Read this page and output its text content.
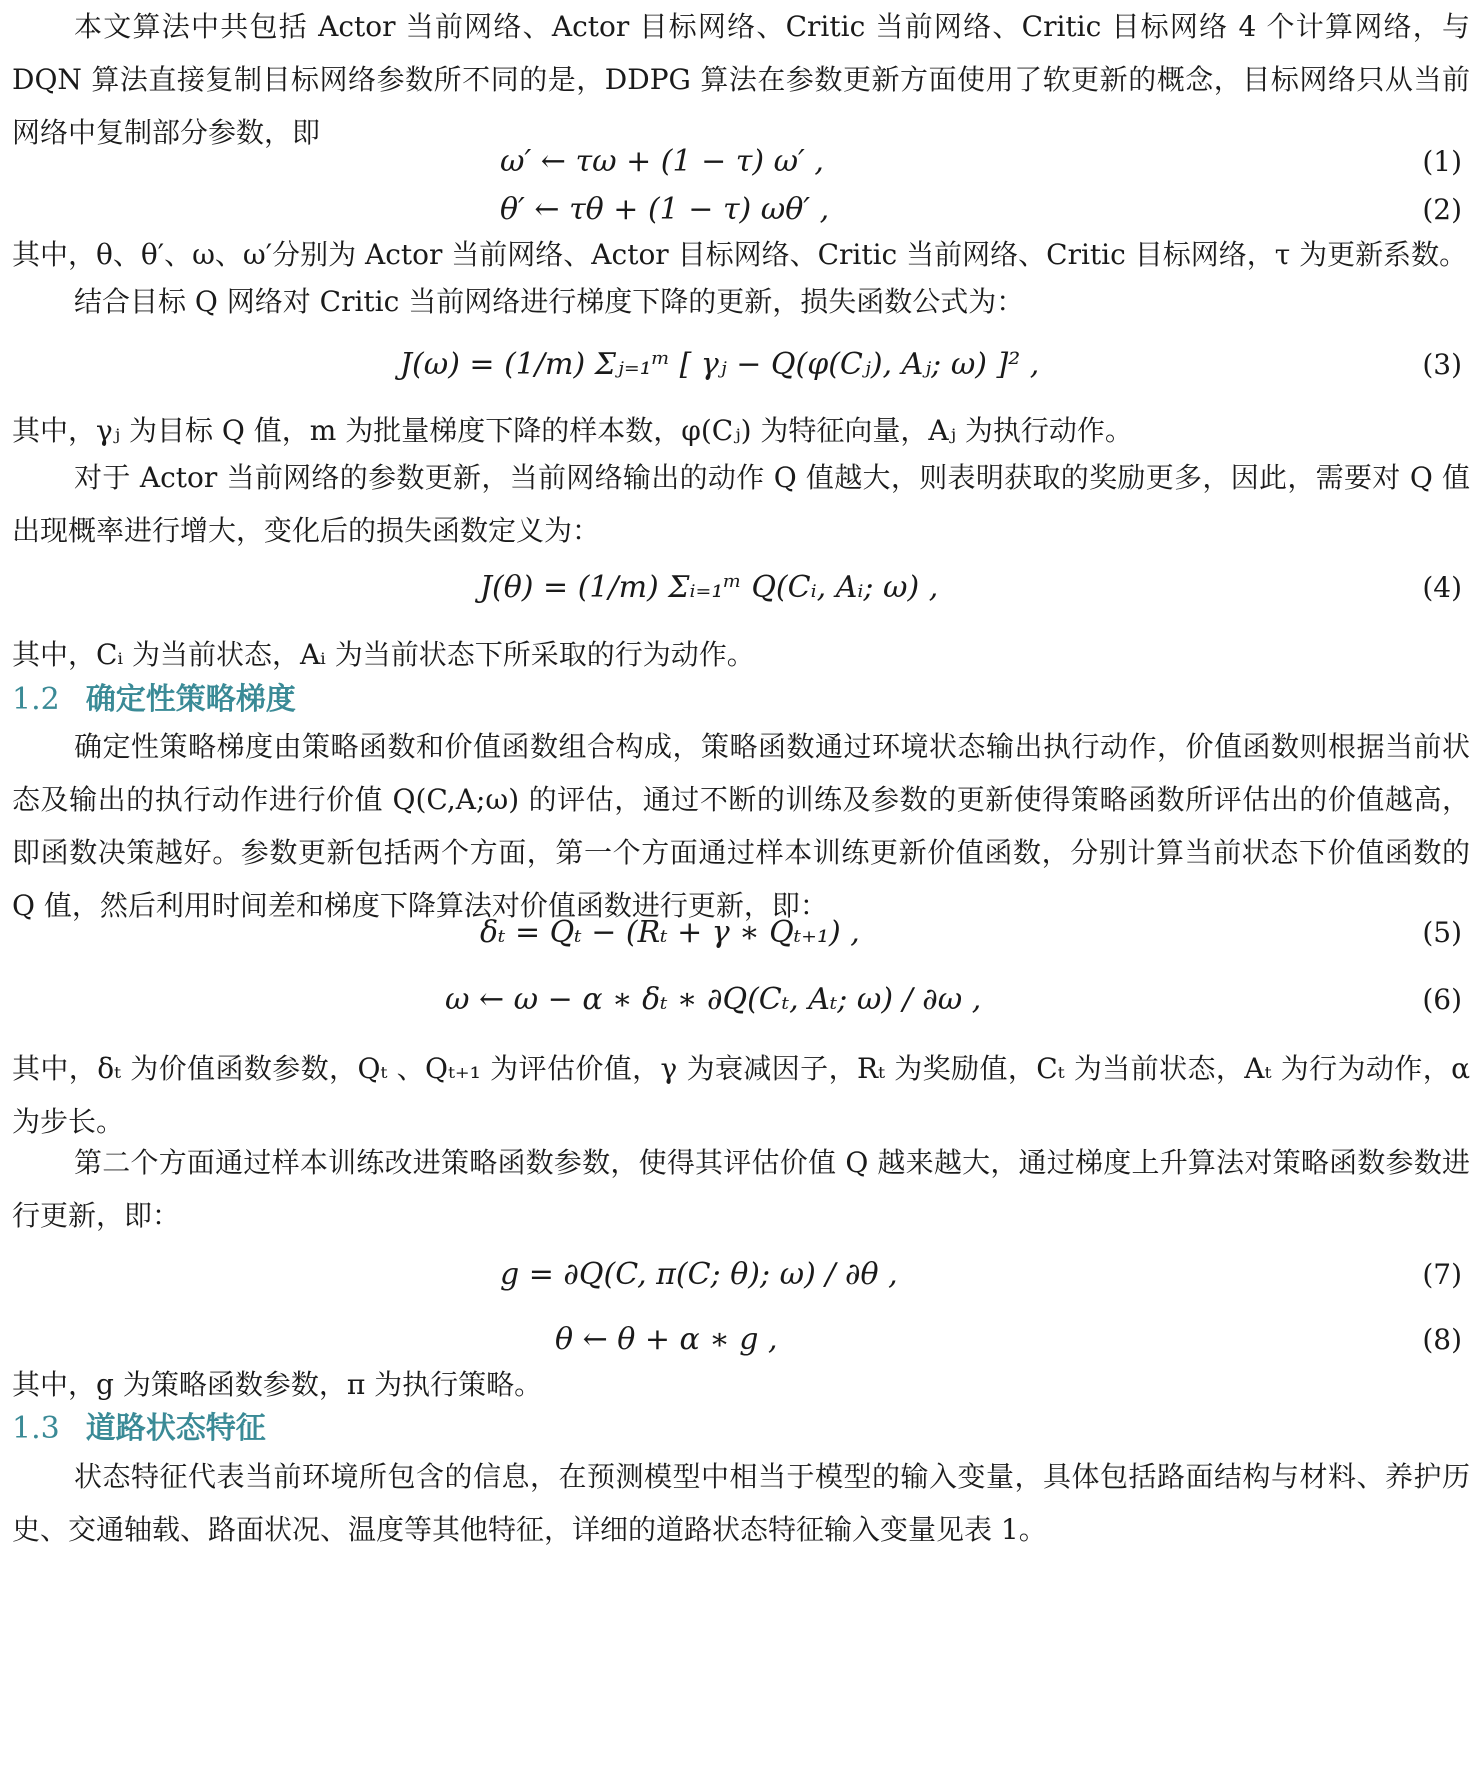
本文算法中共包括 Actor 当前网络、Actor 目标网络、Critic 当前网络、Critic 目标网络 4 个计算网络，与 DQN 算法直接复制目标网络参数所不同的是，DDPG 算法在参数更新方面使用了软更新的概念，目标网络只从当前网络中复制部分参数，即

ω′ ← τω + (1 − τ) ω′ ,	(1)
θ′ ← τθ + (1 − τ) ωθ′ ,	(2)

其中，θ、θ′、ω、ω′分别为 Actor 当前网络、Actor 目标网络、Critic 当前网络、Critic 目标网络，τ 为更新系数。

结合目标 Q 网络对 Critic 当前网络进行梯度下降的更新，损失函数公式为：

J(ω) = (1/m) Σⱼ₌₁ᵐ [ γⱼ − Q(φ(Cⱼ), Aⱼ; ω) ]² ,	(3)

其中，γⱼ 为目标 Q 值，m 为批量梯度下降的样本数，φ(Cⱼ) 为特征向量，Aⱼ 为执行动作。

对于 Actor 当前网络的参数更新，当前网络输出的动作 Q 值越大，则表明获取的奖励更多，因此，需要对 Q 值出现概率进行增大，变化后的损失函数定义为：

J(θ) = (1/m) Σᵢ₌₁ᵐ Q(Cᵢ, Aᵢ; ω) ,	(4)

其中，Cᵢ 为当前状态，Aᵢ 为当前状态下所采取的行为动作。

1.2 确定性策略梯度

确定性策略梯度由策略函数和价值函数组合构成，策略函数通过环境状态输出执行动作，价值函数则根据当前状态及输出的执行动作进行价值 Q(C,A;ω) 的评估，通过不断的训练及参数的更新使得策略函数所评估出的价值越高，即函数决策越好。参数更新包括两个方面，第一个方面通过样本训练更新价值函数，分别计算当前状态下价值函数的 Q 值，然后利用时间差和梯度下降算法对价值函数进行更新，即：

δₜ = Qₜ − (Rₜ + γ ∗ Qₜ₊₁) ,	(5)
ω ← ω − α ∗ δₜ ∗ ∂Q(Cₜ, Aₜ; ω) / ∂ω ,	(6)

其中，δₜ 为价值函数参数，Qₜ 、Qₜ₊₁ 为评估价值，γ 为衰减因子，Rₜ 为奖励值，Cₜ 为当前状态，Aₜ 为行为动作，α 为步长。

第二个方面通过样本训练改进策略函数参数，使得其评估价值 Q 越来越大，通过梯度上升算法对策略函数参数进行更新，即：

g = ∂Q(C, π(C; θ); ω) / ∂θ ,	(7)
θ ← θ + α ∗ g ,	(8)

其中，g 为策略函数参数，π 为执行策略。

1.3 道路状态特征

状态特征代表当前环境所包含的信息，在预测模型中相当于模型的输入变量，具体包括路面结构与材料、养护历史、交通轴载、路面状况、温度等其他特征，详细的道路状态特征输入变量见表 1。
